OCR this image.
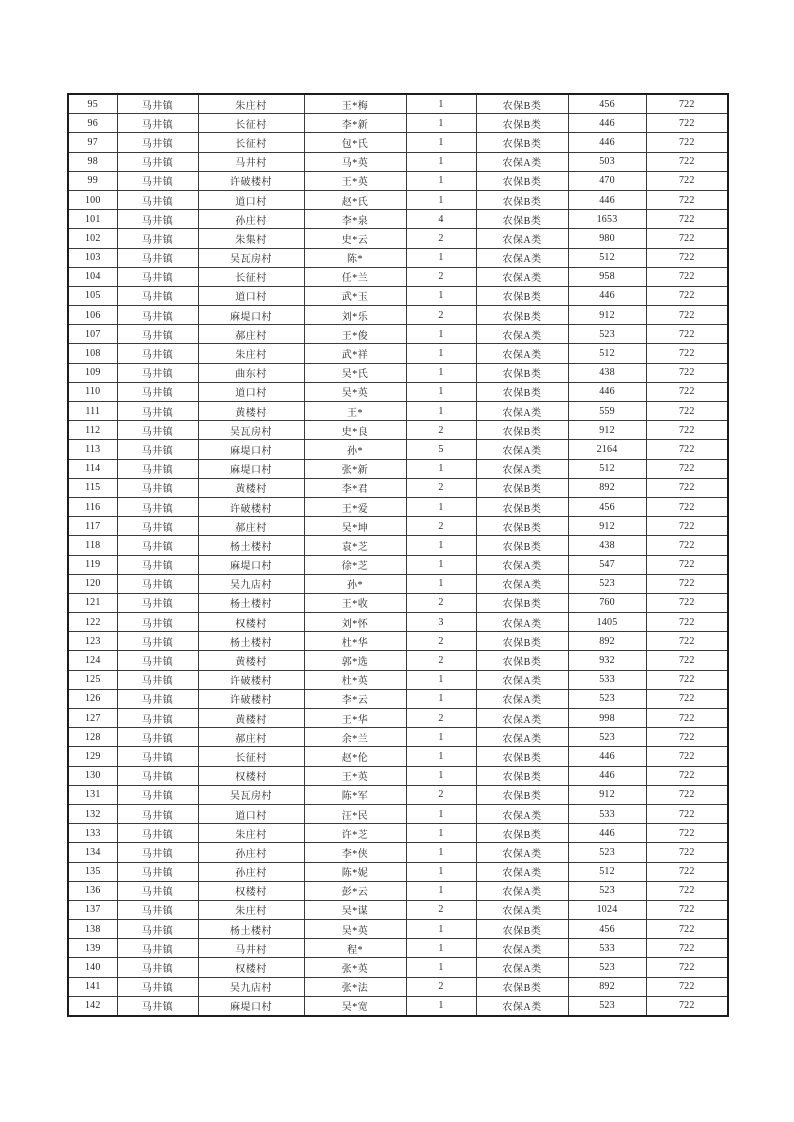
95	马井镇	朱庄村	王*梅	1	农保B类	456	722
96	马井镇	长征村	李*新	1	农保B类	446	722
97	马井镇	长征村	包*氏	1	农保B类	446	722
98	马井镇	马井村	马*英	1	农保A类	503	722
99	马井镇	许破楼村	王*英	1	农保B类	470	722
100	马井镇	道口村	赵*氏	1	农保B类	446	722
101	马井镇	孙庄村	李*泉	4	农保B类	1653	722
102	马井镇	朱集村	史*云	2	农保A类	980	722
103	马井镇	吴瓦房村	陈*	1	农保A类	512	722
104	马井镇	长征村	任*兰	2	农保A类	958	722
105	马井镇	道口村	武*玉	1	农保B类	446	722
106	马井镇	麻堤口村	刘*乐	2	农保B类	912	722
107	马井镇	郝庄村	王*俊	1	农保A类	523	722
108	马井镇	朱庄村	武*祥	1	农保A类	512	722
109	马井镇	曲东村	吴*氏	1	农保B类	438	722
110	马井镇	道口村	吴*英	1	农保B类	446	722
111	马井镇	黄楼村	王*	1	农保A类	559	722
112	马井镇	吴瓦房村	史*良	2	农保B类	912	722
113	马井镇	麻堤口村	孙*	5	农保A类	2164	722
114	马井镇	麻堤口村	张*新	1	农保A类	512	722
115	马井镇	黄楼村	李*君	2	农保B类	892	722
116	马井镇	许破楼村	王*爱	1	农保B类	456	722
117	马井镇	郝庄村	吴*坤	2	农保B类	912	722
118	马井镇	杨土楼村	袁*芝	1	农保B类	438	722
119	马井镇	麻堤口村	徐*芝	1	农保A类	547	722
120	马井镇	吴九店村	孙*	1	农保A类	523	722
121	马井镇	杨土楼村	王*收	2	农保B类	760	722
122	马井镇	权楼村	刘*怀	3	农保A类	1405	722
123	马井镇	杨土楼村	杜*华	2	农保B类	892	722
124	马井镇	黄楼村	郭*选	2	农保B类	932	722
125	马井镇	许破楼村	杜*英	1	农保A类	533	722
126	马井镇	许破楼村	李*云	1	农保A类	523	722
127	马井镇	黄楼村	王*华	2	农保A类	998	722
128	马井镇	郝庄村	余*兰	1	农保A类	523	722
129	马井镇	长征村	赵*伦	1	农保B类	446	722
130	马井镇	权楼村	王*英	1	农保B类	446	722
131	马井镇	吴瓦房村	陈*军	2	农保B类	912	722
132	马井镇	道口村	汪*民	1	农保A类	533	722
133	马井镇	朱庄村	许*芝	1	农保B类	446	722
134	马井镇	孙庄村	李*侠	1	农保A类	523	722
135	马井镇	孙庄村	陈*妮	1	农保A类	512	722
136	马井镇	权楼村	彭*云	1	农保A类	523	722
137	马井镇	朱庄村	吴*谋	2	农保A类	1024	722
138	马井镇	杨土楼村	吴*英	1	农保B类	456	722
139	马井镇	马井村	程*	1	农保A类	533	722
140	马井镇	权楼村	张*英	1	农保A类	523	722
141	马井镇	吴九店村	张*法	2	农保B类	892	722
142	马井镇	麻堤口村	吴*宽	1	农保A类	523	722
